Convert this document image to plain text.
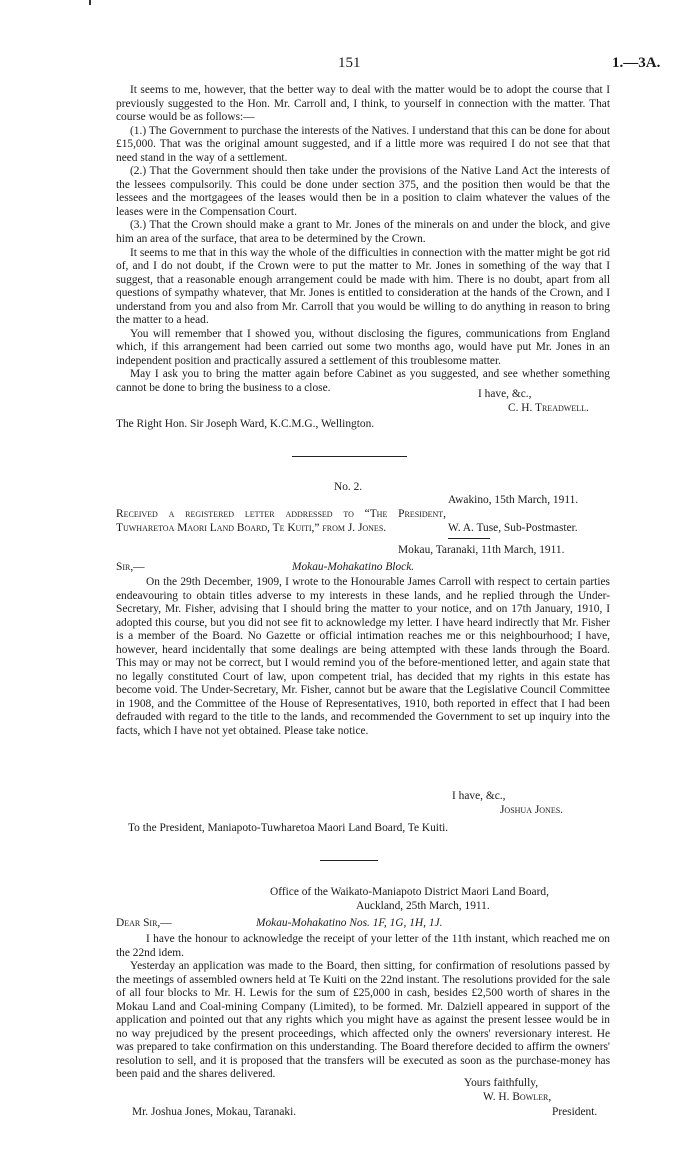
151	1.—3A.

It seems to me, however, that the better way to deal with the matter would be to adopt the course that I previously suggested to the Hon. Mr. Carroll and, I think, to yourself in connection with the matter. That course would be as follows:—

(1.) The Government to purchase the interests of the Natives. I understand that this can be done for about £15,000. That was the original amount suggested, and if a little more was required I do not see that that need stand in the way of a settlement.

(2.) That the Government should then take under the provisions of the Native Land Act the interests of the lessees compulsorily. This could be done under section 375, and the position then would be that the lessees and the mortgagees of the leases would then be in a position to claim whatever the values of the leases were in the Compensation Court.

(3.) That the Crown should make a grant to Mr. Jones of the minerals on and under the block, and give him an area of the surface, that area to be determined by the Crown.

It seems to me that in this way the whole of the difficulties in connection with the matter might be got rid of, and I do not doubt, if the Crown were to put the matter to Mr. Jones in something of the way that I suggest, that a reasonable enough arrangement could be made with him. There is no doubt, apart from all questions of sympathy whatever, that Mr. Jones is entitled to consideration at the hands of the Crown, and I understand from you and also from Mr. Carroll that you would be willing to do anything in reason to bring the matter to a head.

You will remember that I showed you, without disclosing the figures, communications from England which, if this arrangement had been carried out some two months ago, would have put Mr. Jones in an independent position and practically assured a settlement of this troublesome matter.

May I ask you to bring the matter again before Cabinet as you suggested, and see whether something cannot be done to bring the business to a close.	I have, &c.,
C. H. Treadwell.
The Right Hon. Sir Joseph Ward, K.C.M.G., Wellington.
No. 2.
Awakino, 15th March, 1911.

Received a registered letter addressed to “The President, Tuwharetoa Maori Land Board, Te Kuiti,” from J. Jones.	W. A. Tuse, Sub-Postmaster.
Mokau, Taranaki, 11th March, 1911.
Sir,—	Mokau-Mohakatino Block.

On the 29th December, 1909, I wrote to the Honourable James Carroll with respect to certain parties endeavouring to obtain titles adverse to my interests in these lands, and he replied through the Under-Secretary, Mr. Fisher, advising that I should bring the matter to your notice, and on 17th January, 1910, I adopted this course, but you did not see fit to acknowledge my letter. I have heard indirectly that Mr. Fisher is a member of the Board. No Gazette or official intimation reaches me or this neighbourhood; I have, however, heard incidentally that some dealings are being attempted with these lands through the Board. This may or may not be correct, but I would remind you of the before-mentioned letter, and again state that no legally constituted Court of law, upon competent trial, has decided that my rights in this estate has become void. The Under-Secretary, Mr. Fisher, cannot but be aware that the Legislative Council Committee in 1908, and the Committee of the House of Representatives, 1910, both reported in effect that I had been defrauded with regard to the title to the lands, and recommended the Government to set up inquiry into the facts, which I have not yet obtained. Please take notice.

I have, &c.,
Joshua Jones.
To the President, Maniapoto-Tuwharetoa Maori Land Board, Te Kuiti.
Office of the Waikato-Maniapoto District Maori Land Board,
Auckland, 25th March, 1911.
Dear Sir,—	Mokau-Mohakatino Nos. 1F, 1G, 1H, 1J.

I have the honour to acknowledge the receipt of your letter of the 11th instant, which reached me on the 22nd idem.

Yesterday an application was made to the Board, then sitting, for confirmation of resolutions passed by the meetings of assembled owners held at Te Kuiti on the 22nd instant. The resolutions provided for the sale of all four blocks to Mr. H. Lewis for the sum of £25,000 in cash, besides £2,500 worth of shares in the Mokau Land and Coal-mining Company (Limited), to be formed. Mr. Dalziell appeared in support of the application and pointed out that any rights which you might have as against the present lessee would be in no way prejudiced by the present proceedings, which affected only the owners' reversionary interest. He was prepared to take confirmation on this understanding. The Board therefore decided to affirm the owners' resolution to sell, and it is proposed that the transfers will be executed as soon as the purchase-money has been paid and the shares delivered.

Yours faithfully,
W. H. Bowler,
Mr. Joshua Jones, Mokau, Taranaki.	President.
